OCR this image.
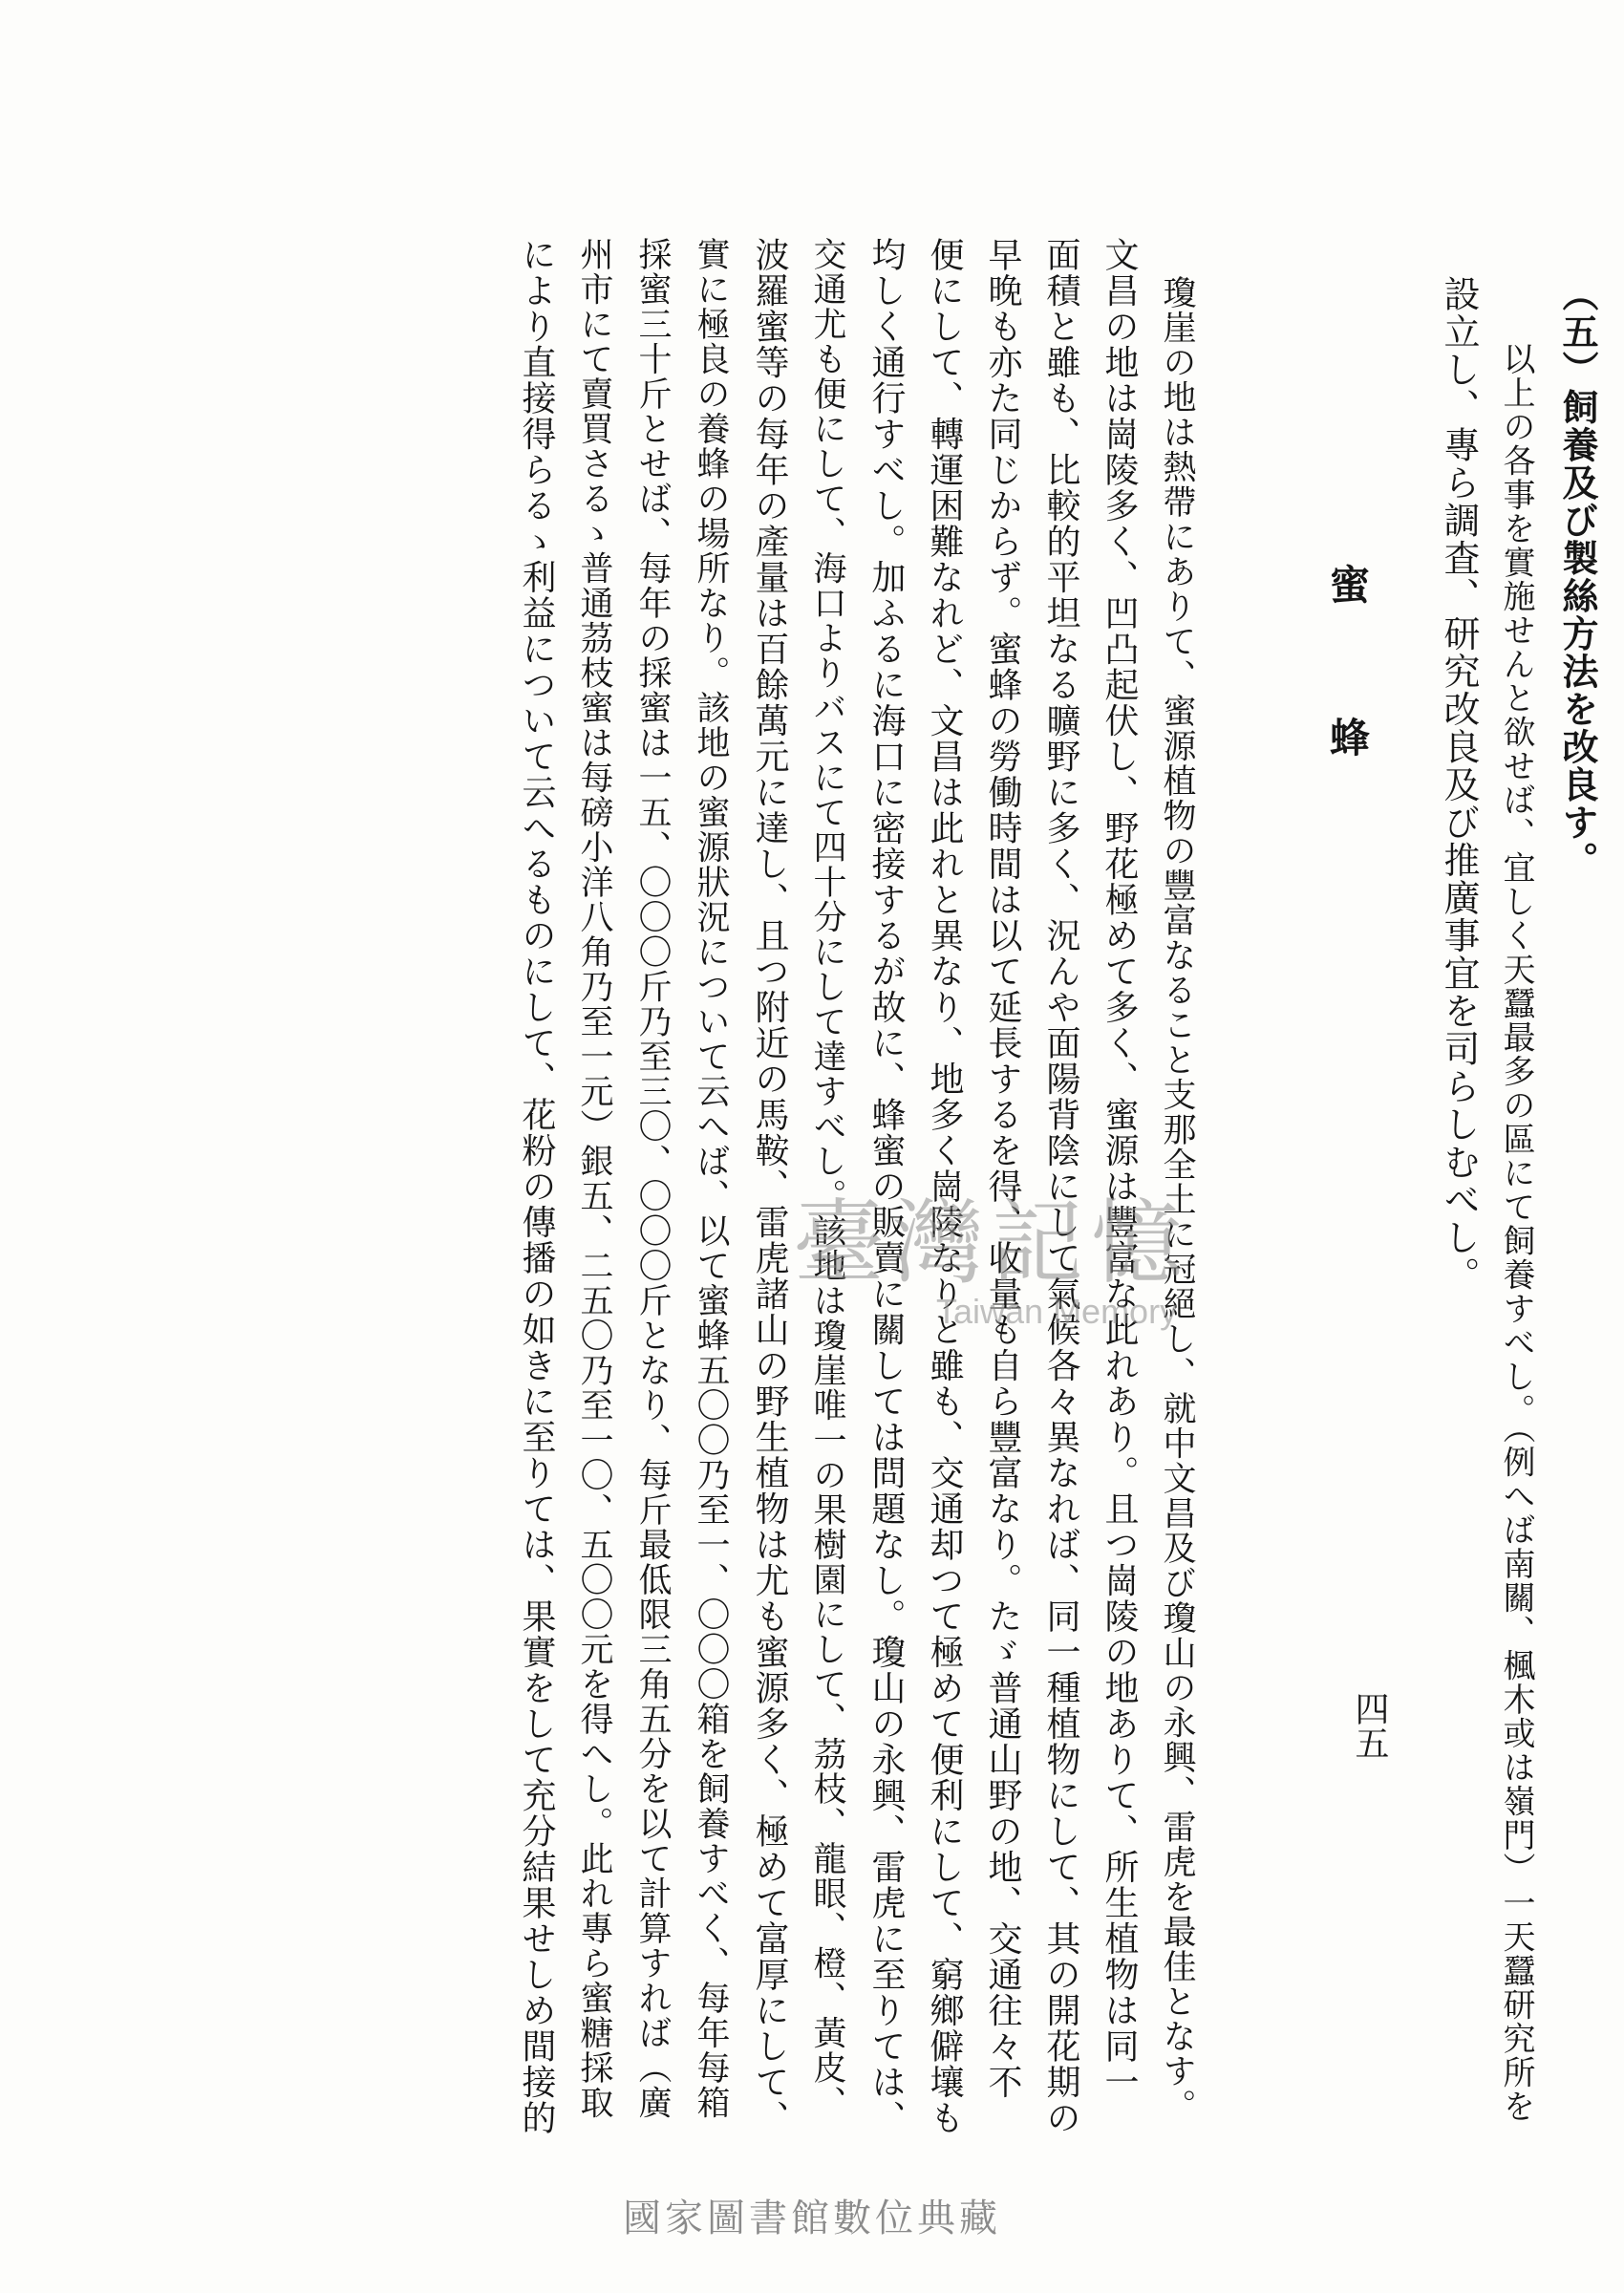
（五）飼養及び製絲方法を改良す。
以上の各事を實施せんと欲せば、宜しく天蠶最多の區にて飼養すべし。（例へば南關、楓木或は嶺門）一天蠶研究所を
設立し、專ら調査、研究改良及び推廣事宜を司らしむべし。
蜜蜂
瓊崖の地は熱帶にありて、蜜源植物の豐富なること支那全土に冠絕し、就中文昌及び瓊山の永興、雷虎を最佳となす。
文昌の地は崗陵多く、凹凸起伏し、野花極めて多く、蜜源は豐富な此れあり。且つ崗陵の地ありて、所生植物は同一
面積と雖も、比較的平坦なる曠野に多く、況んや面陽背陰にして氣候各々異なれば、同一種植物にして、其の開花期の
早晚も亦た同じからず。蜜蜂の勞働時間は以て延長するを得、收量も自ら豐富なり。たゞ普通山野の地、交通往々不
便にして、轉運困難なれど、文昌は此れと異なり、地多く崗陵なりと雖も、交通却つて極めて便利にして、窮鄉僻壤も
均しく通行すべし。加ふるに海口に密接するが故に、蜂蜜の販賣に關しては問題なし。瓊山の永興、雷虎に至りては、
交通尤も便にして、海口よりバスにて四十分にして達すべし。該地は瓊崖唯一の果樹園にして、茘枝、龍眼、橙、黃皮、
波羅蜜等の每年の產量は百餘萬元に達し、且つ附近の馬鞍、雷虎諸山の野生植物は尤も蜜源多く、極めて富厚にして、
實に極良の養蜂の場所なり。該地の蜜源狀況について云へば、以て蜜蜂五〇〇乃至一、〇〇〇箱を飼養すべく、每年每箱
採蜜三十斤とせば、每年の採蜜は一五、〇〇〇斤乃至三〇、〇〇〇斤となり、每斤最低限三角五分を以て計算すれば（廣
州市にて賣買さるゝ普通茘枝蜜は每磅小洋八角乃至一元）銀五、二五〇乃至一〇、五〇〇元を得へし。此れ專ら蜜糖採取
により直接得らるゝ利益について云へるものにして、花粉の傳播の如きに至りては、果實をして充分結果せしめ間接的	四五
臺灣記憶
Taiwan Memory
國家圖書館數位典藏
